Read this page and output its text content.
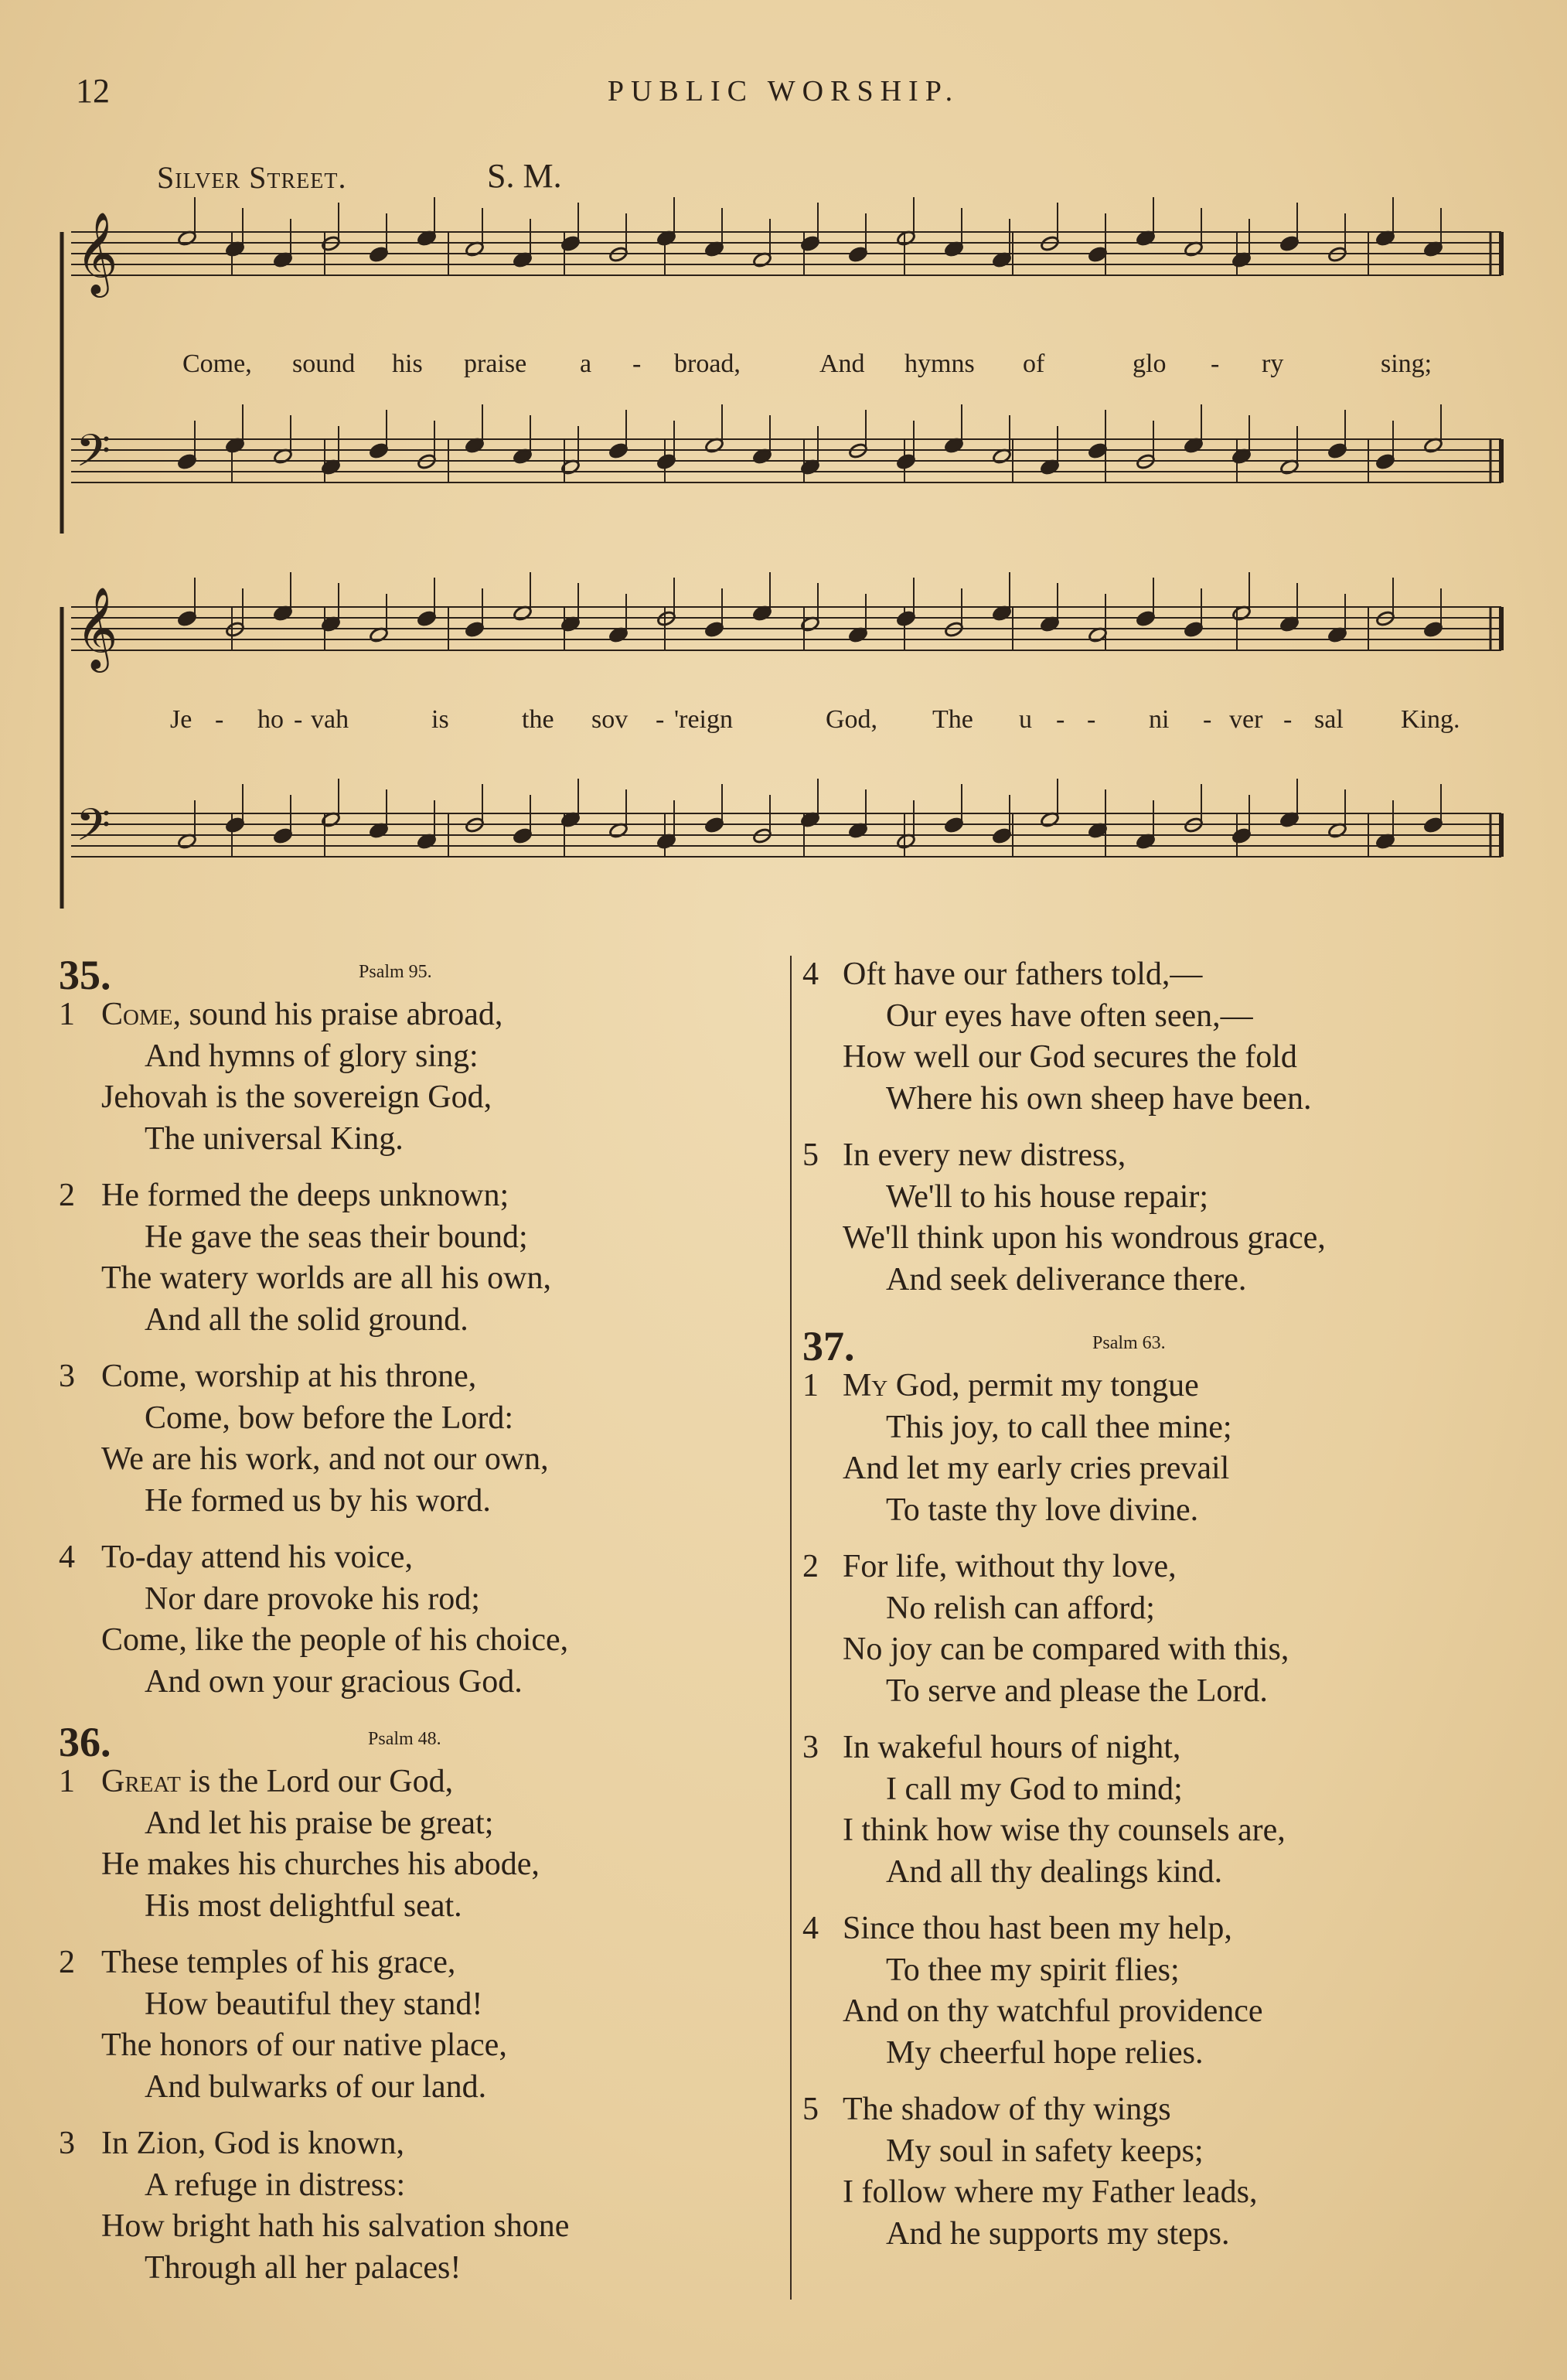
12	PUBLIC WORSHIP.
Silver Street.	S. M.
𝄞
𝄢
𝄞
𝄢
Come, sound his praise a - broad,	And hymns of	glo - ry	sing;
Je - ho - vah	is	the sov - 'reign	God, The u - - ni - ver - sal King.
35.	Psalm 95.
1 Come, sound his praise abroad,
And hymns of glory sing:
Jehovah is the sovereign God,
The universal King.
2 He formed the deeps unknown;
He gave the seas their bound;
The watery worlds are all his own,
And all the solid ground.
3 Come, worship at his throne,
Come, bow before the Lord:
We are his work, and not our own,
He formed us by his word.
4 To-day attend his voice,
Nor dare provoke his rod;
Come, like the people of his choice,
And own your gracious God.
36.	Psalm 48.
1 Great is the Lord our God,
And let his praise be great;
He makes his churches his abode,
His most delightful seat.
2 These temples of his grace,
How beautiful they stand!
The honors of our native place,
And bulwarks of our land.
3 In Zion, God is known,
A refuge in distress:
How bright hath his salvation shone
Through all her palaces!
4 Oft have our fathers told,—
Our eyes have often seen,—
How well our God secures the fold
Where his own sheep have been.
5 In every new distress,
We'll to his house repair;
We'll think upon his wondrous grace,
And seek deliverance there.
37.	Psalm 63.
1 My God, permit my tongue
This joy, to call thee mine;
And let my early cries prevail
To taste thy love divine.
2 For life, without thy love,
No relish can afford;
No joy can be compared with this,
To serve and please the Lord.
3 In wakeful hours of night,
I call my God to mind;
I think how wise thy counsels are,
And all thy dealings kind.
4 Since thou hast been my help,
To thee my spirit flies;
And on thy watchful providence
My cheerful hope relies.
5 The shadow of thy wings
My soul in safety keeps;
I follow where my Father leads,
And he supports my steps.
